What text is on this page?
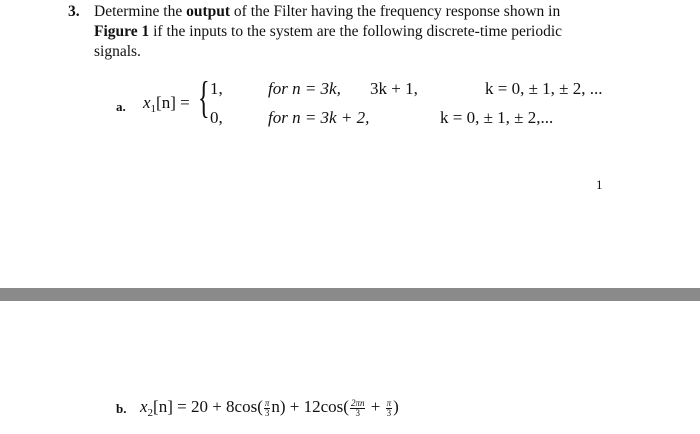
3. Determine the output of the Filter having the frequency response shown in
Figure 1 if the inputs to the system are the following discrete-time periodic
signals.
a. $x_1[n]$ = { 1,	for n = 3k, 3k + 1,	k = 0, ± 1, ± 2, ...
0,	for n = 3k + 2,	k = 0, ± 1, ± 2,...
1
b. $x_2[n] = 20 + 8\cos( \frac{\pi}{3} n) + 12\cos( \frac{2\pi n}{3} + \frac{\pi}{3}$ )
